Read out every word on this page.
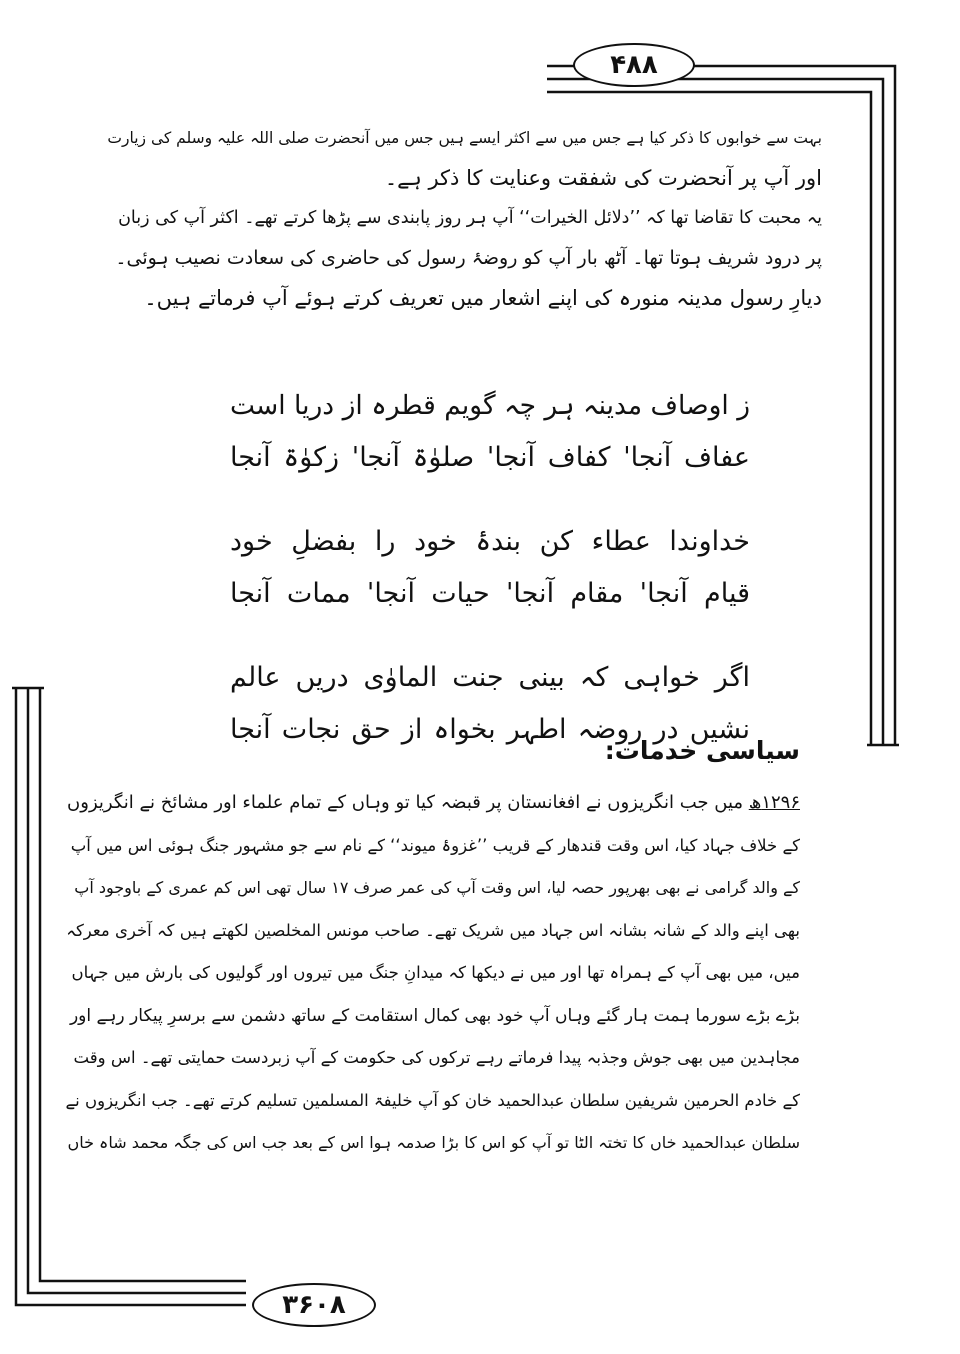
۴۸۸
بہت سے خوابوں کا ذکر کیا ہے جس میں سے اکثر ایسے ہیں جس میں آنحضرت صلی اللہ علیہ وسلم کی زیارت
اور آپ پر آنحضرت کی شفقت وعنایت کا ذکر ہے۔
یہ محبت کا تقاضا تھا کہ ’’دلائل الخیرات‘‘ آپ ہر روز پابندی سے پڑھا کرتے تھے۔ اکثر آپ کی زبان
پر درود شریف ہوتا تھا۔ آٹھ بار آپ کو روضۂ رسول کی حاضری کی سعادت نصیب ہوئی۔
دیارِ رسول مدینہ منورہ کی اپنے اشعار میں تعریف کرتے ہوئے آپ فرماتے ہیں۔
ز اوصاف مدینہ ہر چہ گویم قطرہ از دریا است
عفاف آنجا' کفاف آنجا' صلوٰۃ آنجا' زکوٰۃ آنجا
خداوندا عطاء کن بندۂ خود را بفضلِ خود
قیام آنجا' مقام آنجا' حیات آنجا' ممات آنجا
اگر خواہی کہ بینی جنت الماوٰی دریں عالم
نشیں در روضہ اطہر بخواہ از حق نجات آنجا
سیاسی خدمات:
۱۲۹۶ھ میں جب انگریزوں نے افغانستان پر قبضہ کیا تو وہاں کے تمام علماء اور مشائخ نے انگریزوں
کے خلاف جہاد کیا، اس وقت قندھار کے قریب ’’غزوۂ میوند‘‘ کے نام سے جو مشہور جنگ ہوئی اس میں آپ
کے والد گرامی نے بھی بھرپور حصہ لیا، اس وقت آپ کی عمر صرف ۱۷ سال تھی اس کم عمری کے باوجود آپ
بھی اپنے والد کے شانہ بشانہ اس جہاد میں شریک تھے۔ صاحب مونس المخلصین لکھتے ہیں کہ آخری معرکہ
میں، میں بھی آپ کے ہمراہ تھا اور میں نے دیکھا کہ میدانِ جنگ میں تیروں اور گولیوں کی بارش میں جہاں
بڑے بڑے سورما ہمت ہار گئے وہاں آپ خود بھی کمال استقامت کے ساتھ دشمن سے برسرِ پیکار رہے اور
مجاہدین میں بھی جوش وجذبہ پیدا فرماتے رہے ترکوں کی حکومت کے آپ زبردست حمایتی تھے۔ اس وقت
کے خادم الحرمین شریفین سلطان عبدالحمید خان کو آپ خلیفۃ المسلمین تسلیم کرتے تھے۔ جب انگریزوں نے
سلطان عبدالحمید خاں کا تختہ الٹا تو آپ کو اس کا بڑا صدمہ ہوا اس کے بعد جب اس کی جگہ محمد شاہ خاں
۳۶۰۸
